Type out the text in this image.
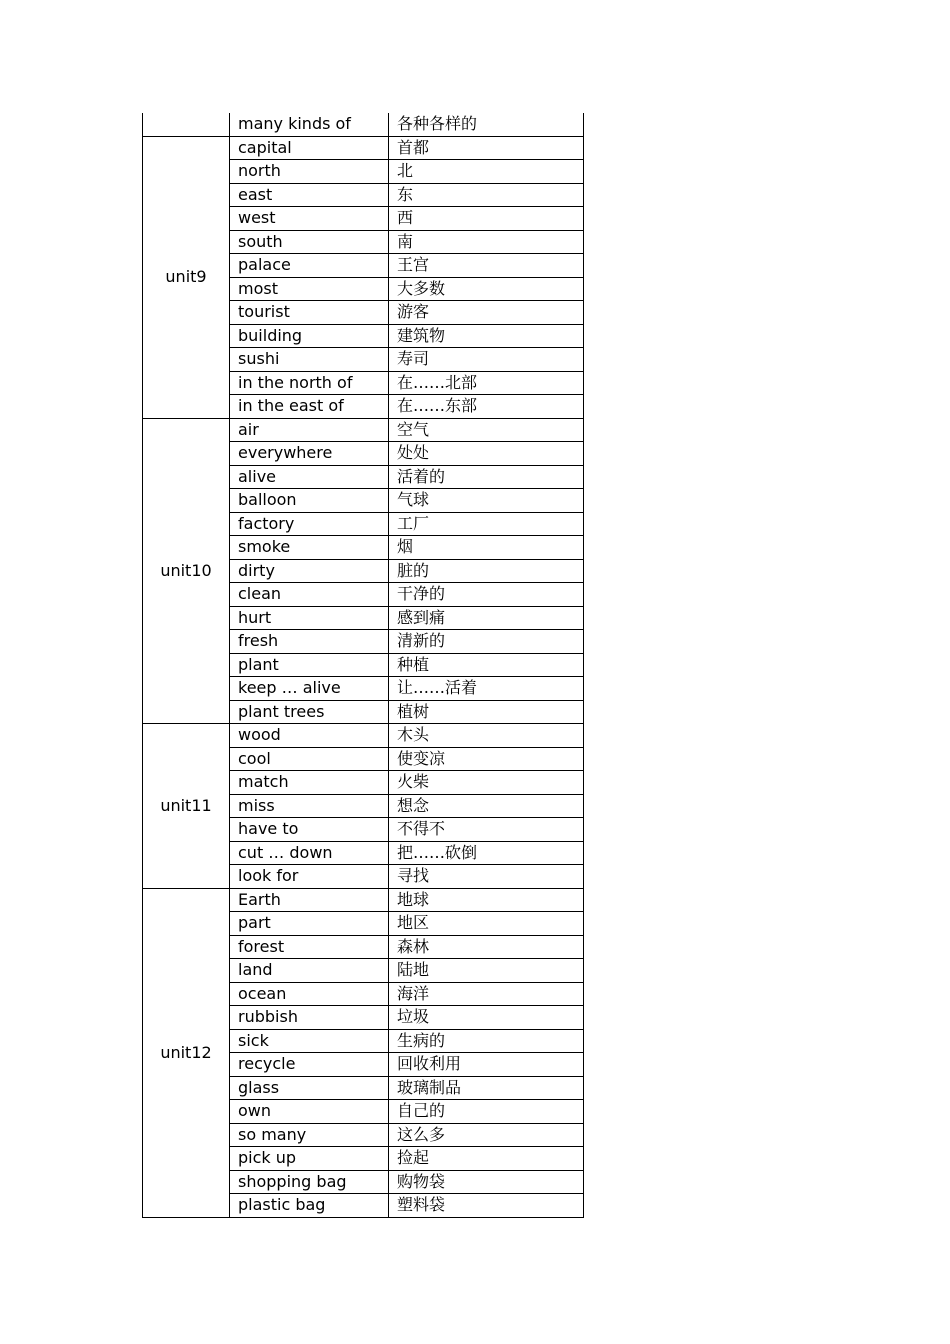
	many kinds of	各种各样的
unit9	capital	首都
	north	北
	east	东
	west	西
	south	南
	palace	王宫
	most	大多数
	tourist	游客
	building	建筑物
	sushi	寿司
	in the north of	在……北部
	in the east of	在……东部
unit10	air	空气
	everywhere	处处
	alive	活着的
	balloon	气球
	factory	工厂
	smoke	烟
	dirty	脏的
	clean	干净的
	hurt	感到痛
	fresh	清新的
	plant	种植
	keep … alive	让……活着
	plant trees	植树
unit11	wood	木头
	cool	使变凉
	match	火柴
	miss	想念
	have to	不得不
	cut … down	把……砍倒
	look for	寻找
unit12	Earth	地球
	part	地区
	forest	森林
	land	陆地
	ocean	海洋
	rubbish	垃圾
	sick	生病的
	recycle	回收利用
	glass	玻璃制品
	own	自己的
	so many	这么多
	pick up	捡起
	shopping bag	购物袋
	plastic bag	塑料袋
